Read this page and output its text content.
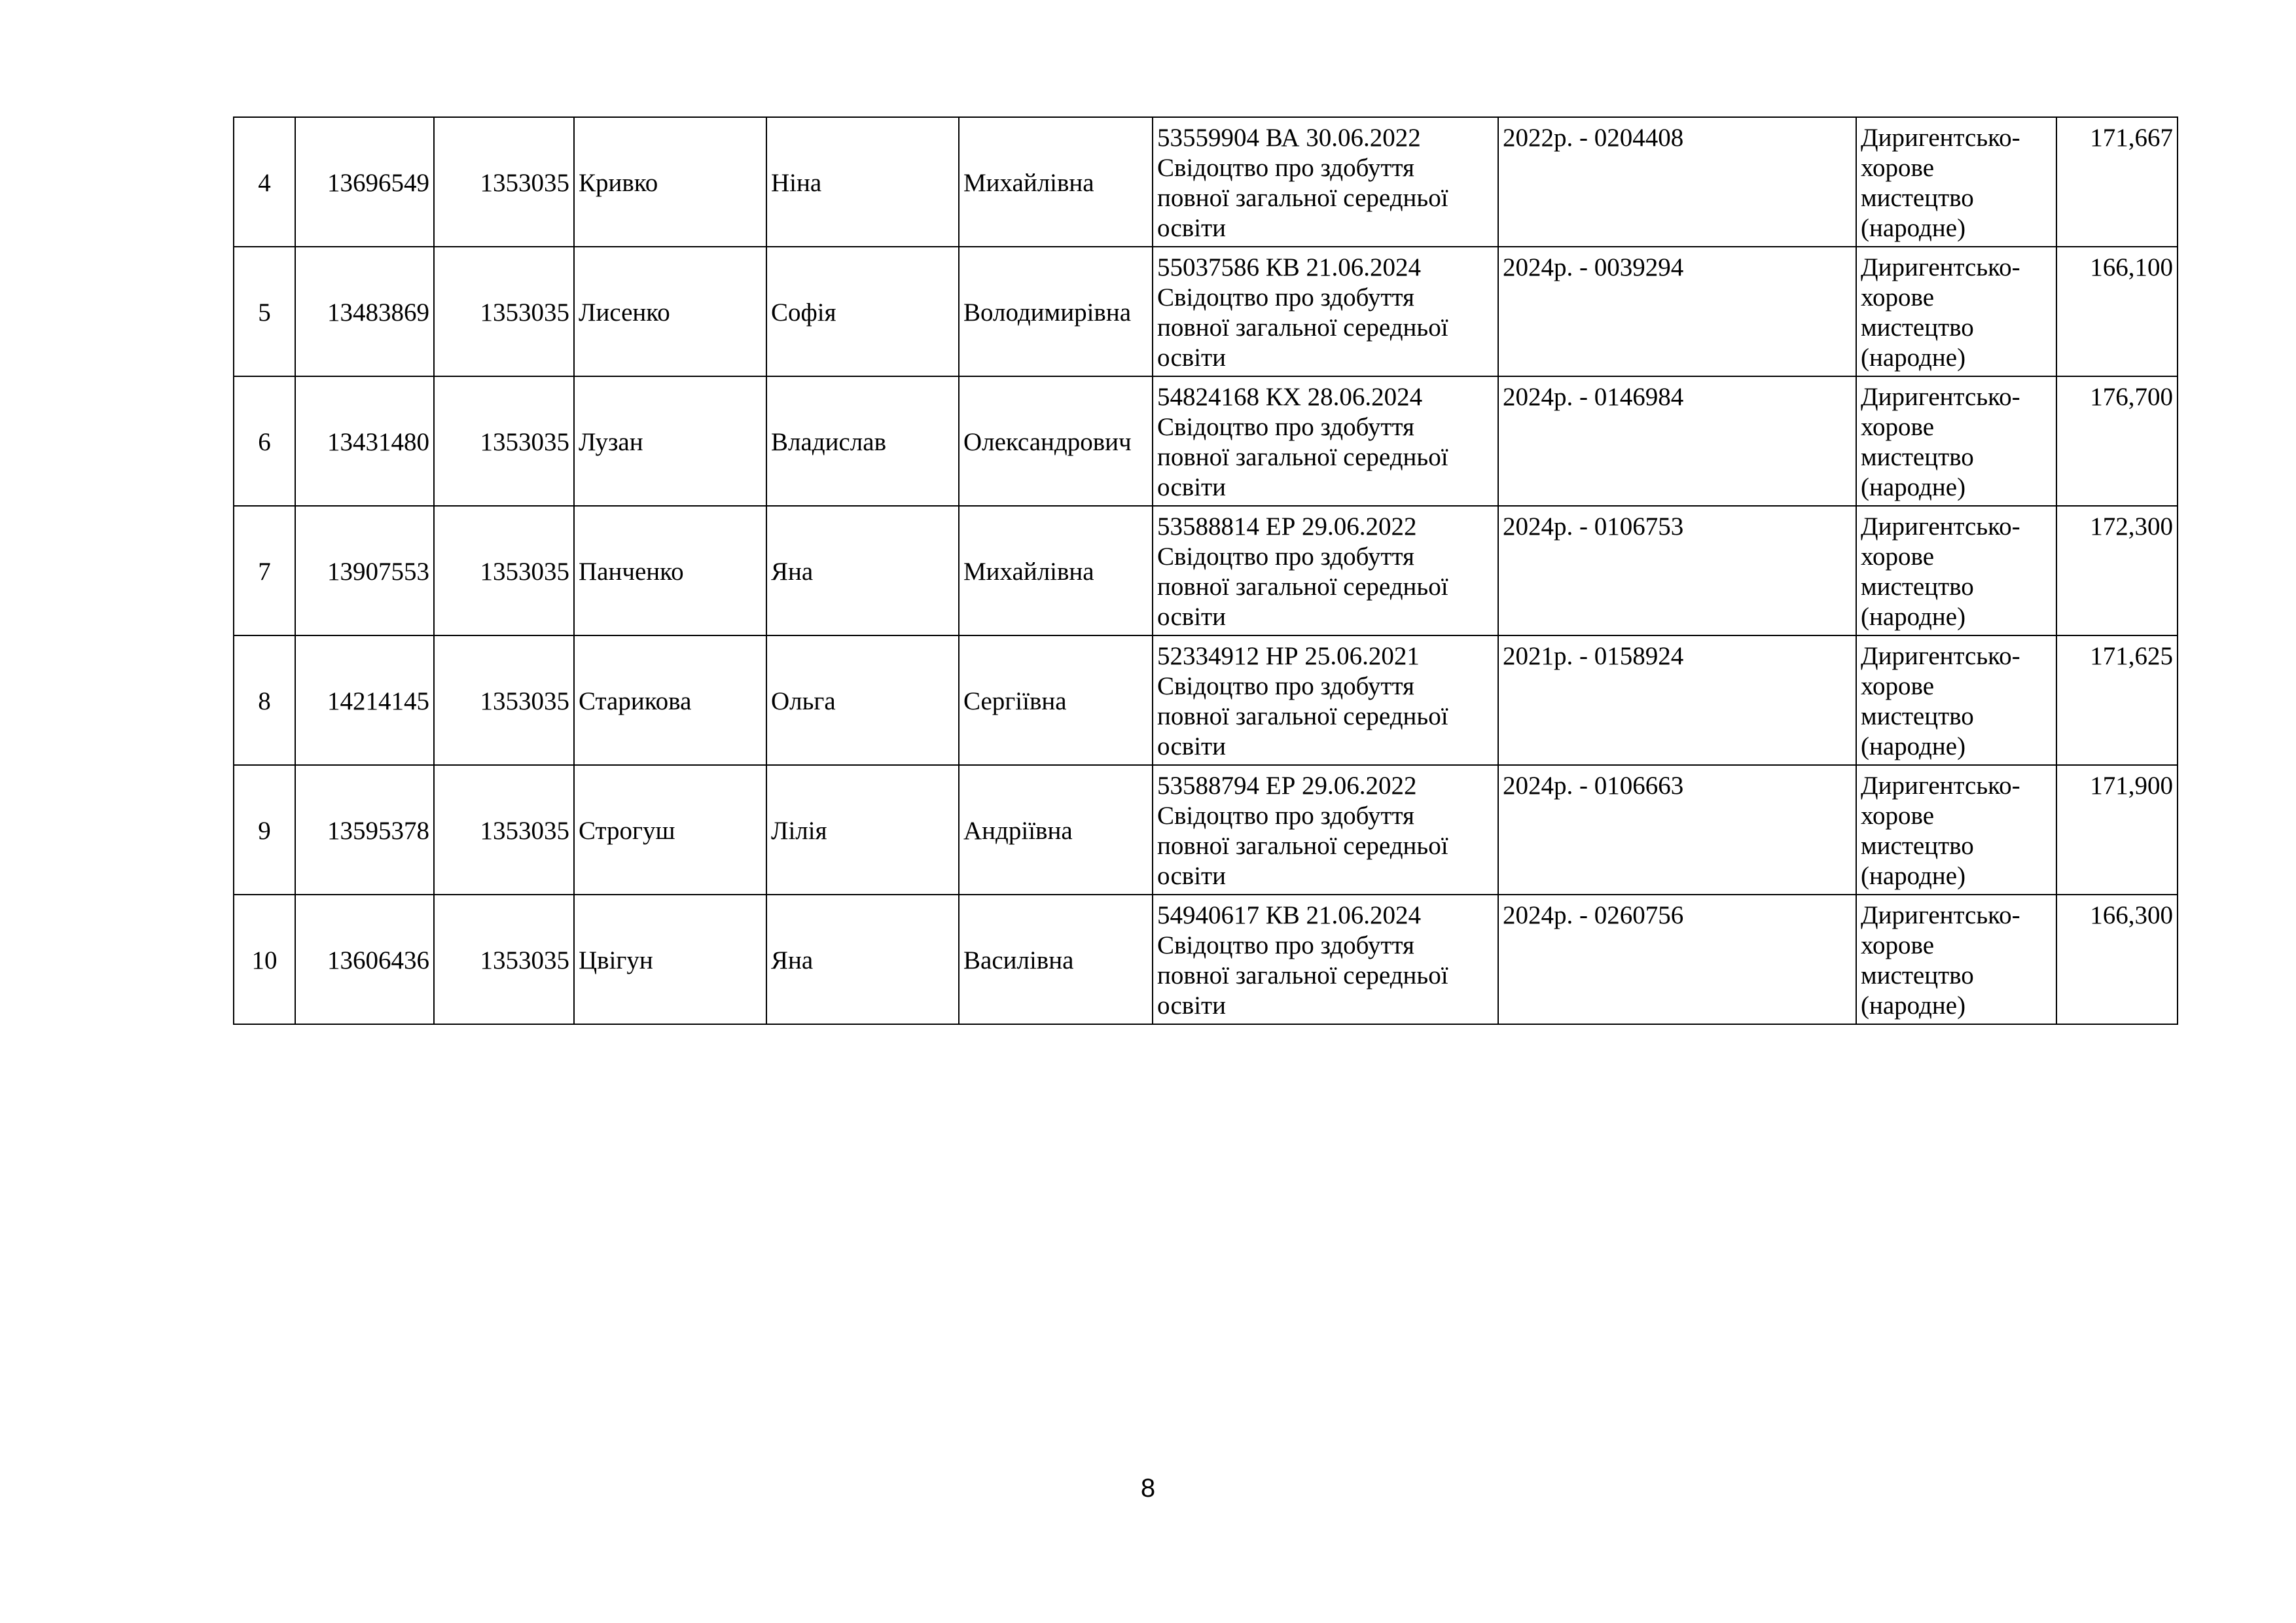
4	13696549	1353035	Кривко	Ніна	Михайлівна	53559904 ВА 30.06.2022
Свідоцтво про здобуття
повної загальної середньої
освіти	2022р. - 0204408	Диригентсько-
хорове
мистецтво
(народне)	171,667
5	13483869	1353035	Лисенко	Софія	Володимирівна	55037586 КВ 21.06.2024
Свідоцтво про здобуття
повної загальної середньої
освіти	2024р. - 0039294	Диригентсько-
хорове
мистецтво
(народне)	166,100
6	13431480	1353035	Лузан	Владислав	Олександрович	54824168 КХ 28.06.2024
Свідоцтво про здобуття
повної загальної середньої
освіти	2024р. - 0146984	Диригентсько-
хорове
мистецтво
(народне)	176,700
7	13907553	1353035	Панченко	Яна	Михайлівна	53588814 ЕР 29.06.2022
Свідоцтво про здобуття
повної загальної середньої
освіти	2024р. - 0106753	Диригентсько-
хорове
мистецтво
(народне)	172,300
8	14214145	1353035	Старикова	Ольга	Сергіївна	52334912 НР 25.06.2021
Свідоцтво про здобуття
повної загальної середньої
освіти	2021р. - 0158924	Диригентсько-
хорове
мистецтво
(народне)	171,625
9	13595378	1353035	Строгуш	Лілія	Андріївна	53588794 ЕР 29.06.2022
Свідоцтво про здобуття
повної загальної середньої
освіти	2024р. - 0106663	Диригентсько-
хорове
мистецтво
(народне)	171,900
10	13606436	1353035	Цвігун	Яна	Василівна	54940617 КВ 21.06.2024
Свідоцтво про здобуття
повної загальної середньої
освіти	2024р. - 0260756	Диригентсько-
хорове
мистецтво
(народне)	166,300
8
